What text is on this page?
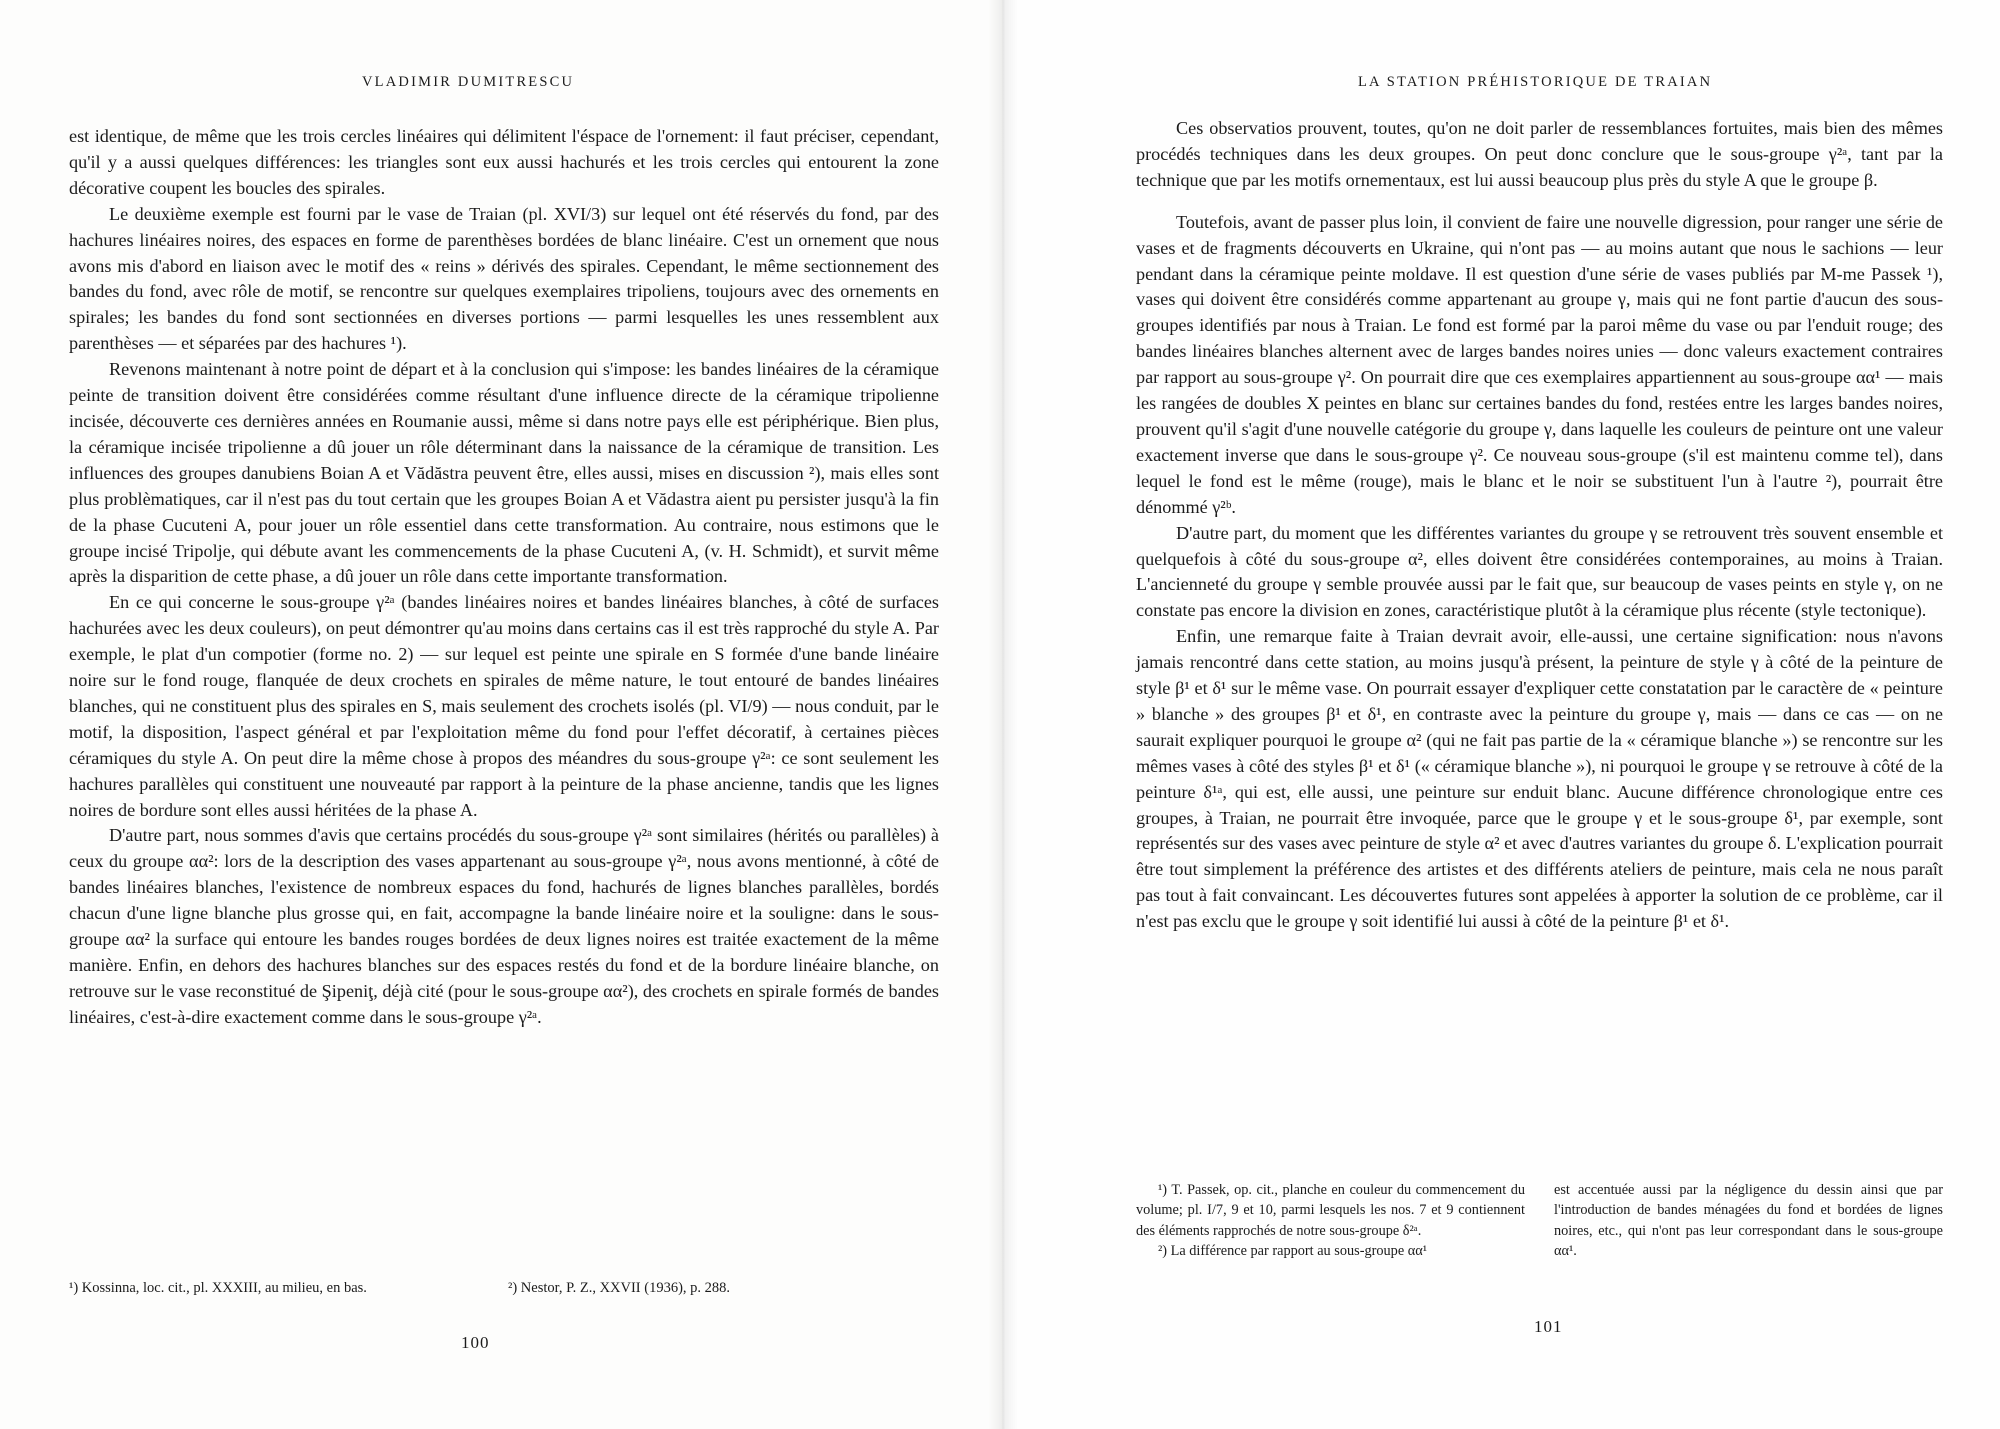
VLADIMIR DUMITRESCU

est identique, de même que les trois cercles linéaires qui délimitent l'éspace de l'ornement: il faut préciser, cependant, qu'il y a aussi quelques différences: les triangles sont eux aussi hachurés et les trois cercles qui entourent la zone décorative coupent les boucles des spirales.

Le deuxième exemple est fourni par le vase de Traian (pl. XVI/3) sur lequel ont été réservés du fond, par des hachures linéaires noires, des espaces en forme de parenthèses bordées de blanc linéaire. C'est un ornement que nous avons mis d'abord en liaison avec le motif des « reins » dérivés des spirales. Cependant, le même sectionnement des bandes du fond, avec rôle de motif, se rencontre sur quelques exemplaires tripoliens, toujours avec des ornements en spirales; les bandes du fond sont sectionnées en diverses portions — parmi lesquelles les unes ressemblent aux parenthèses — et séparées par des hachures ¹).

Revenons maintenant à notre point de départ et à la conclusion qui s'impose: les bandes linéaires de la céramique peinte de transition doivent être considérées comme résultant d'une influence directe de la céramique tripolienne incisée, découverte ces dernières années en Roumanie aussi, même si dans notre pays elle est périphérique. Bien plus, la céramique incisée tripolienne a dû jouer un rôle déterminant dans la naissance de la céramique de transition. Les influences des groupes danubiens Boian A et Vădăstra peuvent être, elles aussi, mises en discussion ²), mais elles sont plus problèmatiques, car il n'est pas du tout certain que les groupes Boian A et Vădastra aient pu persister jusqu'à la fin de la phase Cucuteni A, pour jouer un rôle essentiel dans cette transformation. Au contraire, nous estimons que le groupe incisé Tripolje, qui débute avant les commencements de la phase Cucuteni A, (v. H. Schmidt), et survit même après la disparition de cette phase, a dû jouer un rôle dans cette importante transformation.

En ce qui concerne le sous-groupe γ²ᵃ (bandes linéaires noires et bandes linéaires blanches, à côté de surfaces hachurées avec les deux couleurs), on peut démontrer qu'au moins dans certains cas il est très rapproché du style A. Par exemple, le plat d'un compotier (forme no. 2) — sur lequel est peinte une spirale en S formée d'une bande linéaire noire sur le fond rouge, flanquée de deux crochets en spirales de même nature, le tout entouré de bandes linéaires blanches, qui ne constituent plus des spirales en S, mais seulement des crochets isolés (pl. VI/9) — nous conduit, par le motif, la disposition, l'aspect général et par l'exploitation même du fond pour l'effet décoratif, à certaines pièces céramiques du style A. On peut dire la même chose à propos des méandres du sous-groupe γ²ᵃ: ce sont seulement les hachures parallèles qui constituent une nouveauté par rapport à la peinture de la phase ancienne, tandis que les lignes noires de bordure sont elles aussi héritées de la phase A.

D'autre part, nous sommes d'avis que certains procédés du sous-groupe γ²ᵃ sont similaires (hérités ou parallèles) à ceux du groupe αα²: lors de la description des vases appartenant au sous-groupe γ²ᵃ, nous avons mentionné, à côté de bandes linéaires blanches, l'existence de nombreux espaces du fond, hachurés de lignes blanches parallèles, bordés chacun d'une ligne blanche plus grosse qui, en fait, accompagne la bande linéaire noire et la souligne: dans le sous-groupe αα² la surface qui entoure les bandes rouges bordées de deux lignes noires est traitée exactement de la même manière. Enfin, en dehors des hachures blanches sur des espaces restés du fond et de la bordure linéaire blanche, on retrouve sur le vase reconstitué de Şipeniţ, déjà cité (pour le sous-groupe αα²), des crochets en spirale formés de bandes linéaires, c'est-à-dire exactement comme dans le sous-groupe γ²ᵃ.

¹) Kossinna, loc. cit., pl. XXXIII, au milieu, en bas.	²) Nestor, P. Z., XXVII (1936), p. 288.
100
LA STATION PRÉHISTORIQUE DE TRAIAN

Ces observatios prouvent, toutes, qu'on ne doit parler de ressemblances fortuites, mais bien des mêmes procédés techniques dans les deux groupes. On peut donc conclure que le sous-groupe γ²ᵃ, tant par la technique que par les motifs ornementaux, est lui aussi beaucoup plus près du style A que le groupe β.

Toutefois, avant de passer plus loin, il convient de faire une nouvelle digression, pour ranger une série de vases et de fragments découverts en Ukraine, qui n'ont pas — au moins autant que nous le sachions — leur pendant dans la céramique peinte moldave. Il est question d'une série de vases publiés par M-me Passek ¹), vases qui doivent être considérés comme appartenant au groupe γ, mais qui ne font partie d'aucun des sous-groupes identifiés par nous à Traian. Le fond est formé par la paroi même du vase ou par l'enduit rouge; des bandes linéaires blanches alternent avec de larges bandes noires unies — donc valeurs exactement contraires par rapport au sous-groupe γ². On pourrait dire que ces exemplaires appartiennent au sous-groupe αα¹ — mais les rangées de doubles X peintes en blanc sur certaines bandes du fond, restées entre les larges bandes noires, prouvent qu'il s'agit d'une nouvelle catégorie du groupe γ, dans laquelle les couleurs de peinture ont une valeur exactement inverse que dans le sous-groupe γ². Ce nouveau sous-groupe (s'il est maintenu comme tel), dans lequel le fond est le même (rouge), mais le blanc et le noir se substituent l'un à l'autre ²), pourrait être dénommé γ²ᵇ.

D'autre part, du moment que les différentes variantes du groupe γ se retrouvent très souvent ensemble et quelquefois à côté du sous-groupe α², elles doivent être considérées contemporaines, au moins à Traian. L'ancienneté du groupe γ semble prouvée aussi par le fait que, sur beaucoup de vases peints en style γ, on ne constate pas encore la division en zones, caractéristique plutôt à la céramique plus récente (style tectonique).

Enfin, une remarque faite à Traian devrait avoir, elle-aussi, une certaine signification: nous n'avons jamais rencontré dans cette station, au moins jusqu'à présent, la peinture de style γ à côté de la peinture de style β¹ et δ¹ sur le même vase. On pourrait essayer d'expliquer cette constatation par le caractère de « peinture » blanche » des groupes β¹ et δ¹, en contraste avec la peinture du groupe γ, mais — dans ce cas — on ne saurait expliquer pourquoi le groupe α² (qui ne fait pas partie de la « céramique blanche ») se rencontre sur les mêmes vases à côté des styles β¹ et δ¹ (« céramique blanche »), ni pourquoi le groupe γ se retrouve à côté de la peinture δ¹ᵃ, qui est, elle aussi, une peinture sur enduit blanc. Aucune différence chronologique entre ces groupes, à Traian, ne pourrait être invoquée, parce que le groupe γ et le sous-groupe δ¹, par exemple, sont représentés sur des vases avec peinture de style α² et avec d'autres variantes du groupe δ. L'explication pourrait être tout simplement la préférence des artistes et des différents ateliers de peinture, mais cela ne nous paraît pas tout à fait convaincant. Les découvertes futures sont appelées à apporter la solution de ce problème, car il n'est pas exclu que le groupe γ soit identifié lui aussi à côté de la peinture β¹ et δ¹.

¹) T. Passek, op. cit., planche en couleur du commencement du volume; pl. I/7, 9 et 10, parmi lesquels les nos. 7 et 9 contiennent des éléments rapprochés de notre sous-groupe δ²ᵃ.

²) La différence par rapport au sous-groupe αα¹

est accentuée aussi par la négligence du dessin ainsi que par l'introduction de bandes ménagées du fond et bordées de lignes noires, etc., qui n'ont pas leur correspondant dans le sous-groupe αα¹.

101
